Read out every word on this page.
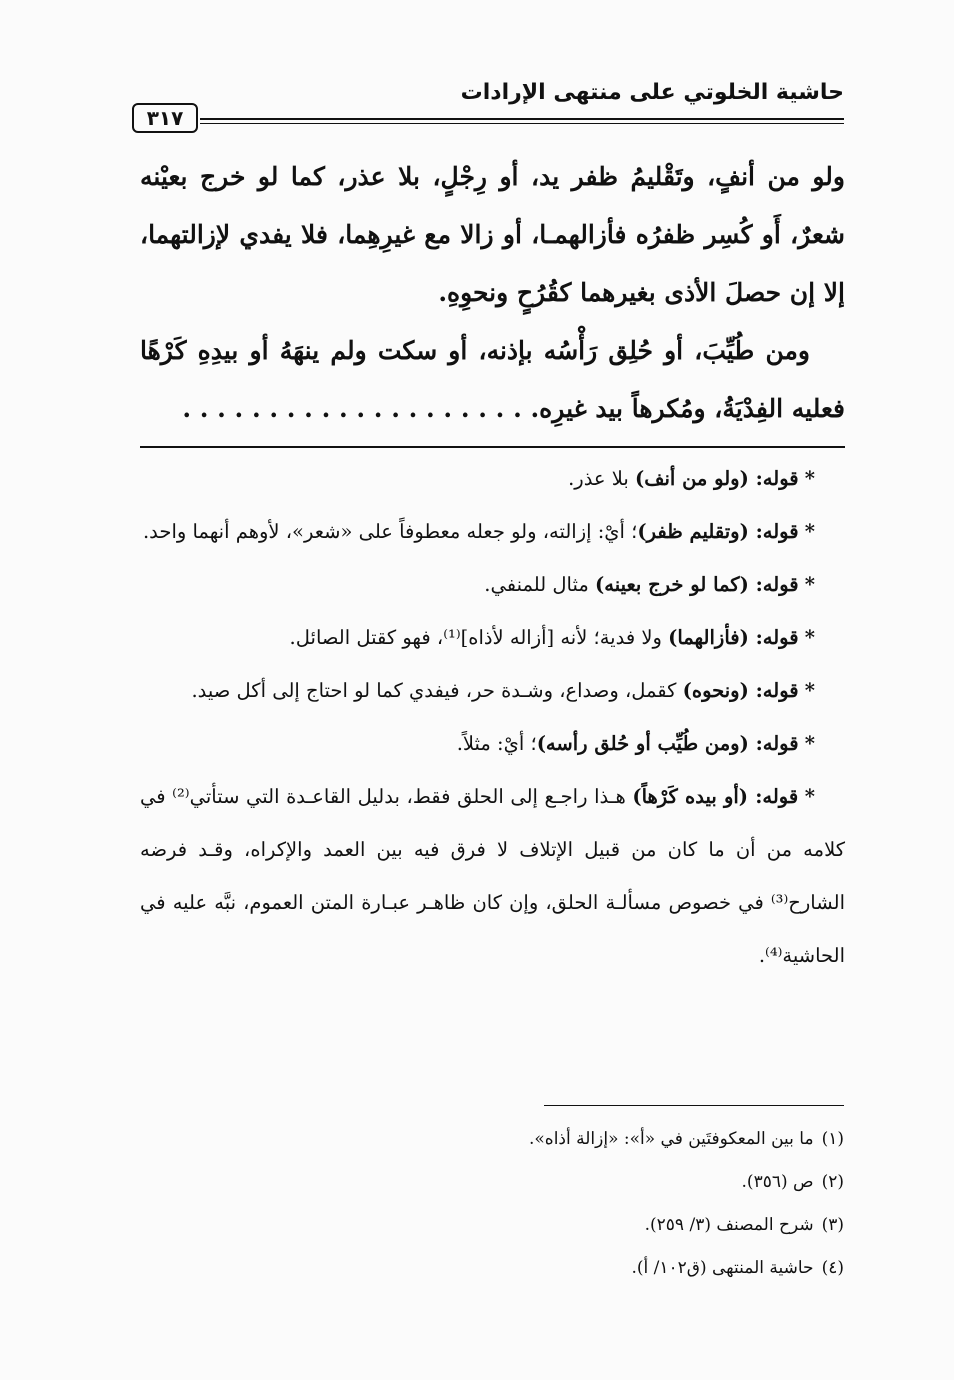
حاشية الخلوتي على منتهى الإرادات
٣١٧

ولو من أنفٍ، وتَقْليمُ ظفر يد، أو رِجْلٍ، بلا عذر، كما لو خرج بعيْنه شعرٌ، أَو كُسِر ظفرُه فأزالهمـا، أو زالا مع غيرِهِما، فلا يفدي لإزالتهما، إلا إن حصلَ الأذى بغيرهما كقُرُحٍ ونحوِهِ.

ومن طُيِّبَ، أو حُلِق رَأْسُه بإذنه، أو سكت ولم ينهَهُ أو بيدِهِ كَرْهًا فعليه الفِدْيَةُ، ومُكرهاً بيد غيرِه. . . . . . . . . . . . . . . . . . . . .

* قوله: (ولو من أنف) بلا عذر.

* قوله: (وتقليم ظفر)؛ أيْ: إزالته، ولو جعله معطوفاً على «شعر»، لأوهم أنهما واحد.

* قوله: (كما لو خرج بعينه) مثال للمنفي.

* قوله: (فأزالهما) ولا فدية؛ لأنه [أزاله لأذاه]⁽¹⁾، فهو كقتل الصائل.

* قوله: (ونحوه) كقمل، وصداع، وشـدة حر، فيفدي كما لو احتاج إلى أكل صيد.

* قوله: (ومن طُيِّب أو حُلق رأسه)؛ أيْ: مثلاً.

* قوله: (أو بيده كَرْهاً) هـذا راجـع إلى الحلق فقط، بدليل القاعـدة التي ستأتي⁽²⁾ في كلامه من أن ما كان من قبيل الإتلاف لا فرق فيه بين العمد والإكراه، وقـد فرضه الشارح⁽³⁾ في خصوص مسألـة الحلق، وإن كان ظاهـر عبـارة المتن العموم، نبَّه عليه في الحاشية⁽⁴⁾.

(١)ما بين المعكوفتَين في «أ»: «إزالة أذاه».
(٢)ص (٣٥٦).
(٣)شرح المصنف (٣/ ٢٥٩).
(٤)حاشية المنتهى (ق١٠٢/ أ).
